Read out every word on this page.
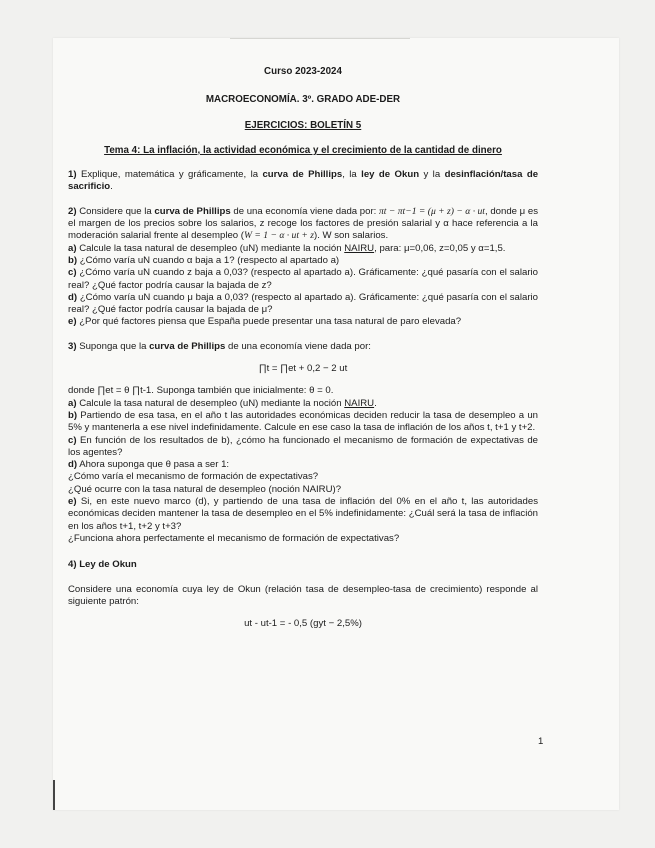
Curso 2023-2024

MACROECONOMÍA. 3º. GRADO ADE-DER

EJERCICIOS: BOLETÍN 5

Tema 4: La inflación, la actividad económica y el crecimiento de la cantidad de dinero

1) Explique, matemática y gráficamente, la curva de Phillips, la ley de Okun y la desinflación/tasa de sacrificio.

2) Considere que la curva de Phillips de una economía viene dada por: πt − πt−1 = (μ + z) − α · ut, donde μ es el margen de los precios sobre los salarios, z recoge los factores de presión salarial y α hace referencia a la moderación salarial frente al desempleo (W = 1 − α · ut + z). W son salarios.

a) Calcule la tasa natural de desempleo (uN) mediante la noción NAIRU, para: μ=0,06, z=0,05 y α=1,5.

b) ¿Cómo varía uN cuando α baja a 1? (respecto al apartado a)

c) ¿Cómo varía uN cuando z baja a 0,03? (respecto al apartado a). Gráficamente: ¿qué pasaría con el salario real? ¿Qué factor podría causar la bajada de z?

d) ¿Cómo varía uN cuando μ baja a 0,03? (respecto al apartado a). Gráficamente: ¿qué pasaría con el salario real? ¿Qué factor podría causar la bajada de μ?

e) ¿Por qué factores piensa que España puede presentar una tasa natural de paro elevada?

3) Suponga que la curva de Phillips de una economía viene dada por:

∏t = ∏et + 0,2 − 2 ut

donde ∏et = θ ∏t-1. Suponga también que inicialmente: θ = 0.

a) Calcule la tasa natural de desempleo (uN) mediante la noción NAIRU.

b) Partiendo de esa tasa, en el año t las autoridades económicas deciden reducir la tasa de desempleo a un 5% y mantenerla a ese nivel indefinidamente. Calcule en ese caso la tasa de inflación de los años t, t+1 y t+2.

c) En función de los resultados de b), ¿cómo ha funcionado el mecanismo de formación de expectativas de los agentes?

d) Ahora suponga que θ pasa a ser 1:

¿Cómo varía el mecanismo de formación de expectativas?

¿Qué ocurre con la tasa natural de desempleo (noción NAIRU)?

e) Si, en este nuevo marco (d), y partiendo de una tasa de inflación del 0% en el año t, las autoridades económicas deciden mantener la tasa de desempleo en el 5% indefinidamente: ¿Cuál será la tasa de inflación en los años t+1, t+2 y t+3?

¿Funciona ahora perfectamente el mecanismo de formación de expectativas?

4) Ley de Okun

Considere una economía cuya ley de Okun (relación tasa de desempleo-tasa de crecimiento) responde al siguiente patrón:

ut - ut-1 = - 0,5 (gyt − 2,5%)

1
